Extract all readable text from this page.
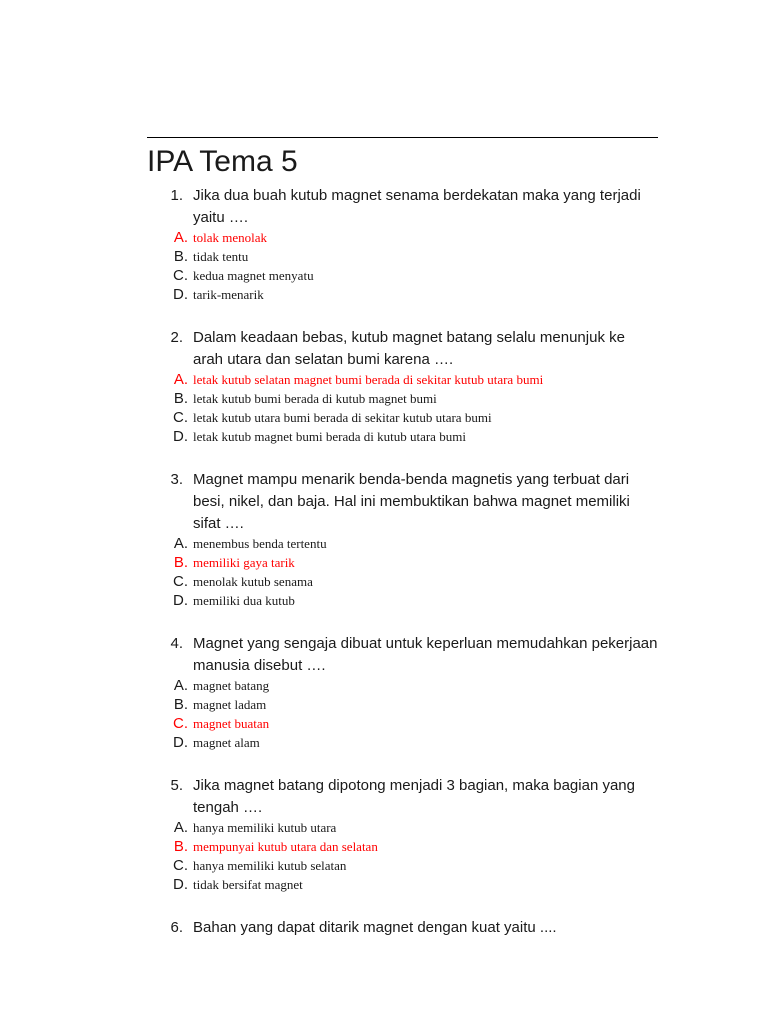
IPA Tema 5
1. Jika dua buah kutub magnet senama berdekatan maka yang terjadi yaitu ….
A. tolak menolak
B. tidak tentu
C. kedua magnet menyatu
D. tarik-menarik
2. Dalam keadaan bebas, kutub magnet batang selalu menunjuk ke arah utara dan selatan bumi karena ….
A. letak kutub selatan magnet bumi berada di sekitar kutub utara bumi
B. letak kutub bumi berada di kutub magnet bumi
C. letak kutub utara bumi berada di sekitar kutub utara bumi
D. letak kutub magnet bumi berada di kutub utara bumi
3. Magnet mampu menarik benda-benda magnetis yang terbuat dari besi, nikel, dan baja. Hal ini membuktikan bahwa magnet memiliki sifat ….
A. menembus benda tertentu
B. memiliki gaya tarik
C. menolak kutub senama
D. memiliki dua kutub
4. Magnet yang sengaja dibuat untuk keperluan memudahkan pekerjaan manusia disebut ….
A. magnet batang
B. magnet ladam
C. magnet buatan
D. magnet alam
5. Jika magnet batang dipotong menjadi 3 bagian, maka bagian yang tengah ….
A. hanya memiliki kutub utara
B. mempunyai kutub utara dan selatan
C. hanya memiliki kutub selatan
D. tidak bersifat magnet
6. Bahan yang dapat ditarik magnet dengan kuat yaitu ....
